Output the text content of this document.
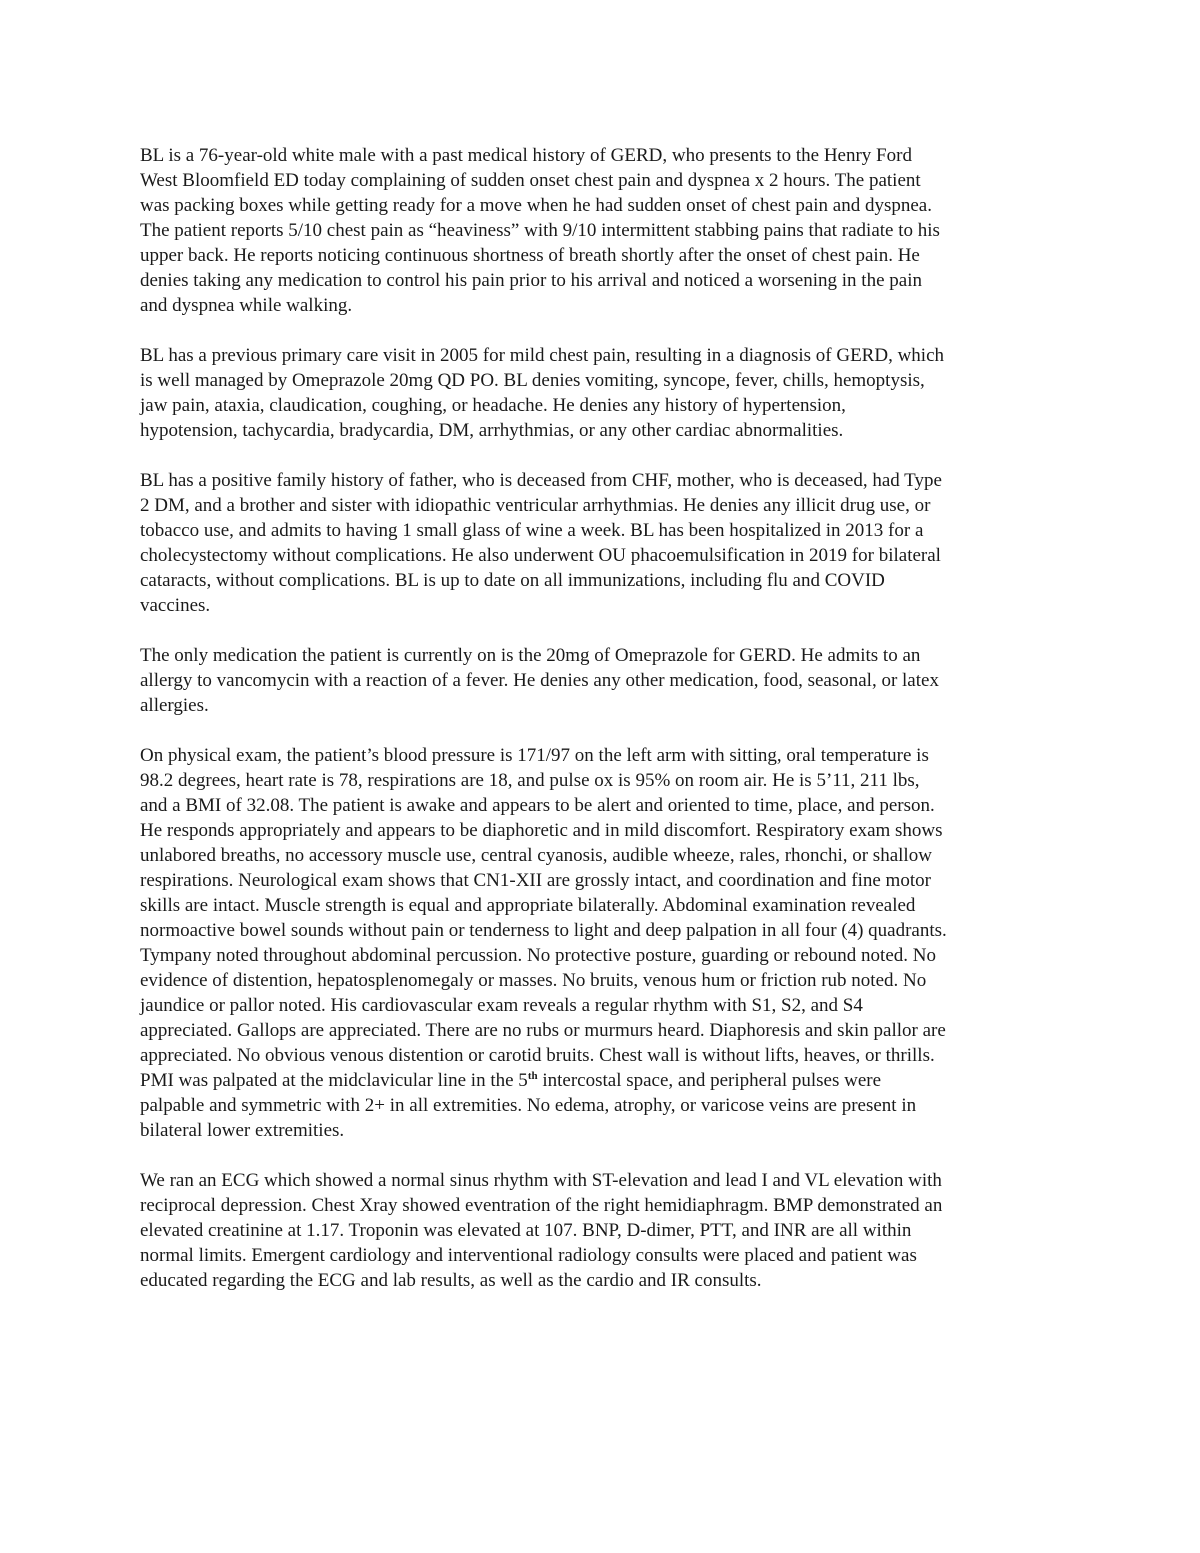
BL is a 76-year-old white male with a past medical history of GERD, who presents to the Henry Ford
West Bloomfield ED today complaining of sudden onset chest pain and dyspnea x 2 hours. The patient
was packing boxes while getting ready for a move when he had sudden onset of chest pain and dyspnea.
The patient reports 5/10 chest pain as “heaviness” with 9/10 intermittent stabbing pains that radiate to his
upper back. He reports noticing continuous shortness of breath shortly after the onset of chest pain. He
denies taking any medication to control his pain prior to his arrival and noticed a worsening in the pain
and dyspnea while walking.

BL has a previous primary care visit in 2005 for mild chest pain, resulting in a diagnosis of GERD, which
is well managed by Omeprazole 20mg QD PO. BL denies vomiting, syncope, fever, chills, hemoptysis,
jaw pain, ataxia, claudication, coughing, or headache. He denies any history of hypertension,
hypotension, tachycardia, bradycardia, DM, arrhythmias, or any other cardiac abnormalities.

BL has a positive family history of father, who is deceased from CHF, mother, who is deceased, had Type
2 DM, and a brother and sister with idiopathic ventricular arrhythmias. He denies any illicit drug use, or
tobacco use, and admits to having 1 small glass of wine a week. BL has been hospitalized in 2013 for a
cholecystectomy without complications. He also underwent OU phacoemulsification in 2019 for bilateral
cataracts, without complications. BL is up to date on all immunizations, including flu and COVID
vaccines.

The only medication the patient is currently on is the 20mg of Omeprazole for GERD. He admits to an
allergy to vancomycin with a reaction of a fever. He denies any other medication, food, seasonal, or latex
allergies.

On physical exam, the patient’s blood pressure is 171/97 on the left arm with sitting, oral temperature is
98.2 degrees, heart rate is 78, respirations are 18, and pulse ox is 95% on room air. He is 5’11, 211 lbs,
and a BMI of 32.08. The patient is awake and appears to be alert and oriented to time, place, and person.
He responds appropriately and appears to be diaphoretic and in mild discomfort. Respiratory exam shows
unlabored breaths, no accessory muscle use, central cyanosis, audible wheeze, rales, rhonchi, or shallow
respirations. Neurological exam shows that CN1-XII are grossly intact, and coordination and fine motor
skills are intact. Muscle strength is equal and appropriate bilaterally. Abdominal examination revealed
normoactive bowel sounds without pain or tenderness to light and deep palpation in all four (4) quadrants.
Tympany noted throughout abdominal percussion. No protective posture, guarding or rebound noted. No
evidence of distention, hepatosplenomegaly or masses. No bruits, venous hum or friction rub noted. No
jaundice or pallor noted. His cardiovascular exam reveals a regular rhythm with S1, S2, and S4
appreciated. Gallops are appreciated. There are no rubs or murmurs heard. Diaphoresis and skin pallor are
appreciated. No obvious venous distention or carotid bruits. Chest wall is without lifts, heaves, or thrills.
PMI was palpated at the midclavicular line in the 5th intercostal space, and peripheral pulses were
palpable and symmetric with 2+ in all extremities. No edema, atrophy, or varicose veins are present in
bilateral lower extremities.

We ran an ECG which showed a normal sinus rhythm with ST-elevation and lead I and VL elevation with
reciprocal depression. Chest Xray showed eventration of the right hemidiaphragm. BMP demonstrated an
elevated creatinine at 1.17. Troponin was elevated at 107. BNP, D-dimer, PTT, and INR are all within
normal limits. Emergent cardiology and interventional radiology consults were placed and patient was
educated regarding the ECG and lab results, as well as the cardio and IR consults.
